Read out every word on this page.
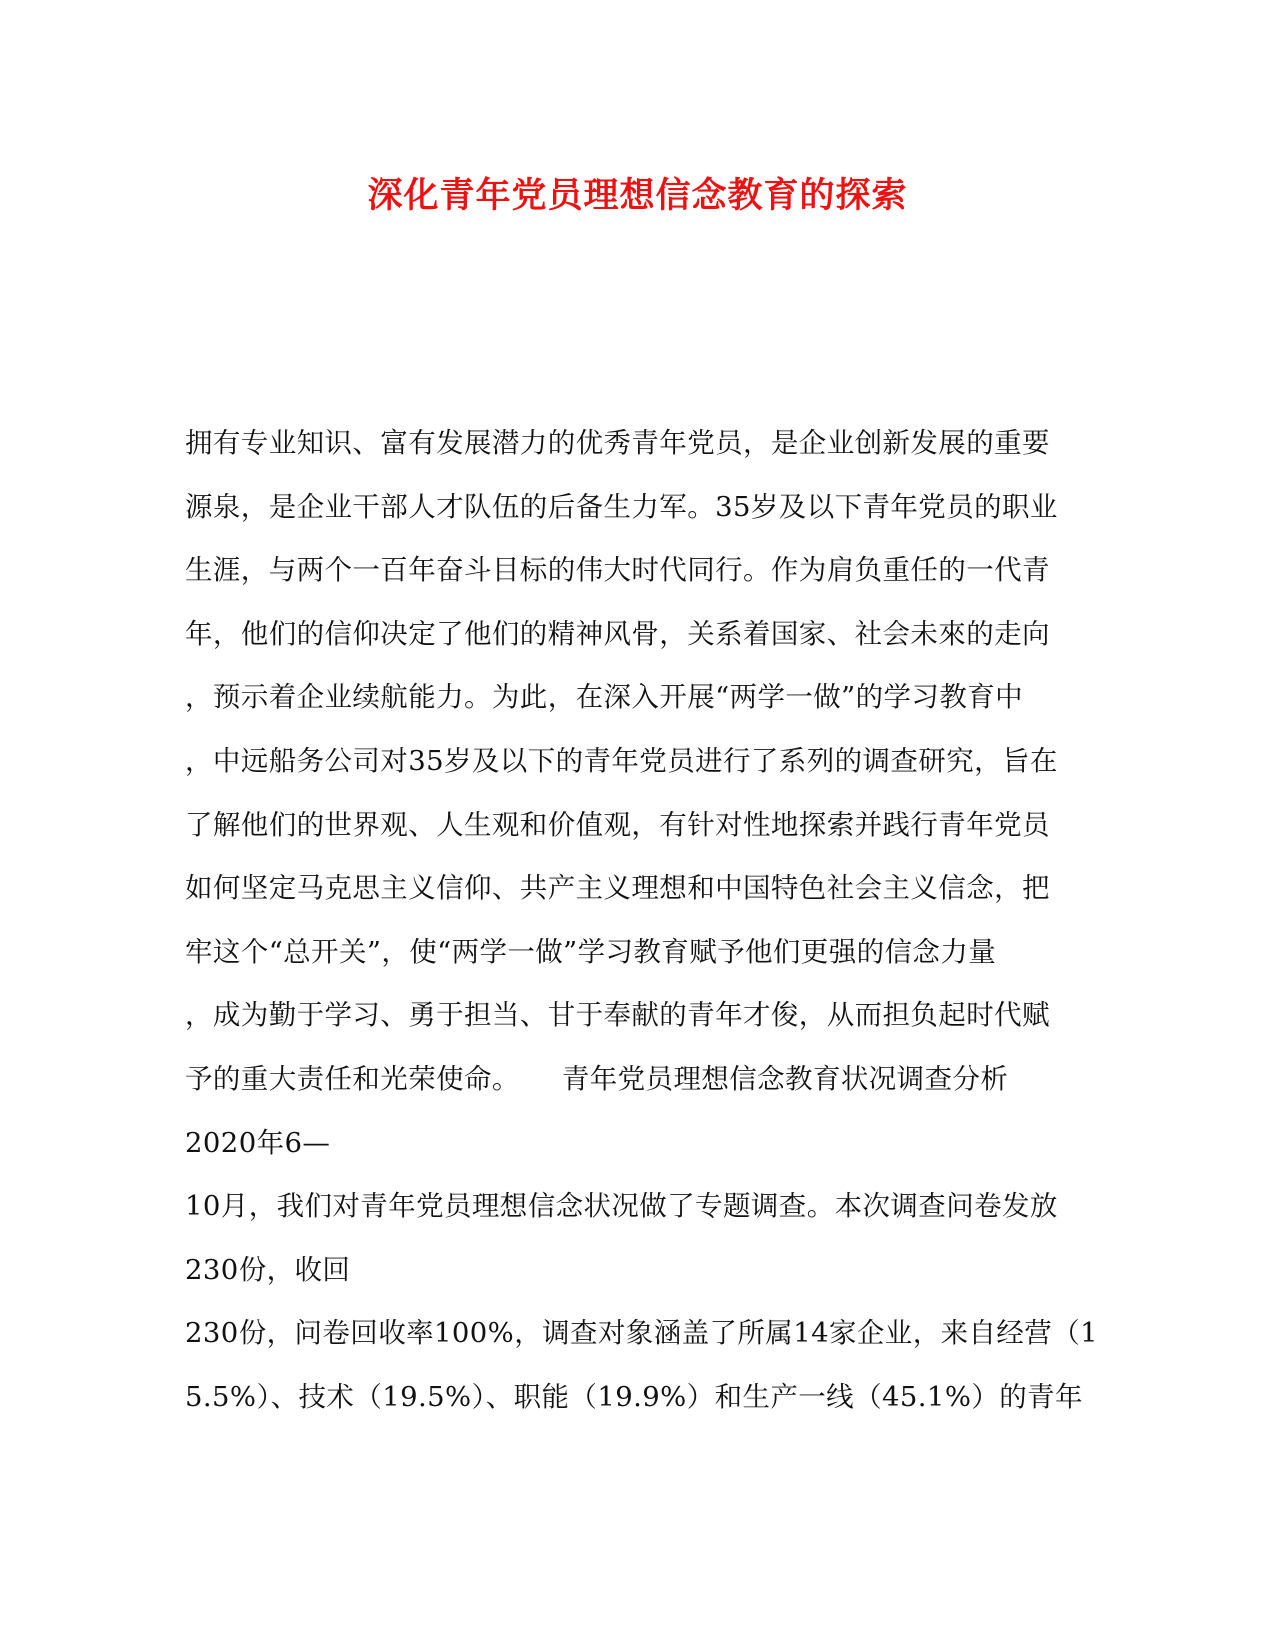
深化青年党员理想信念教育的探索
拥有专业知识、富有发展潜力的优秀青年党员，是企业创新发展的重要
源泉，是企业干部人才队伍的后备生力军。35岁及以下青年党员的职业
生涯，与两个一百年奋斗目标的伟大时代同行。作为肩负重任的一代青
年，他们的信仰决定了他们的精神风骨，关系着国家、社会未來的走向
，预示着企业续航能力。为此，在深入开展“两学一做”的学习教育中
，中远船务公司对35岁及以下的青年党员进行了系列的调查研究，旨在
了解他们的世界观、人生观和价值观，有针对性地探索并践行青年党员
如何坚定马克思主义信仰、共产主义理想和中国特色社会主义信念，把
牢这个“总开关”，使“两学一做”学习教育赋予他们更强的信念力量
，成为勤于学习、勇于担当、甘于奉献的青年才俊，从而担负起时代赋
予的重大责任和光荣使命。　　青年党员理想信念教育状况调查分析
2020年6—
10月，我们对青年党员理想信念状况做了专题调查。本次调查问卷发放
230份，收回
230份，问卷回收率100%，调查对象涵盖了所属14家企业，来自经营（1
5.5%）、技术（19.5%）、职能（19.9%）和生产一线（45.1%）的青年
